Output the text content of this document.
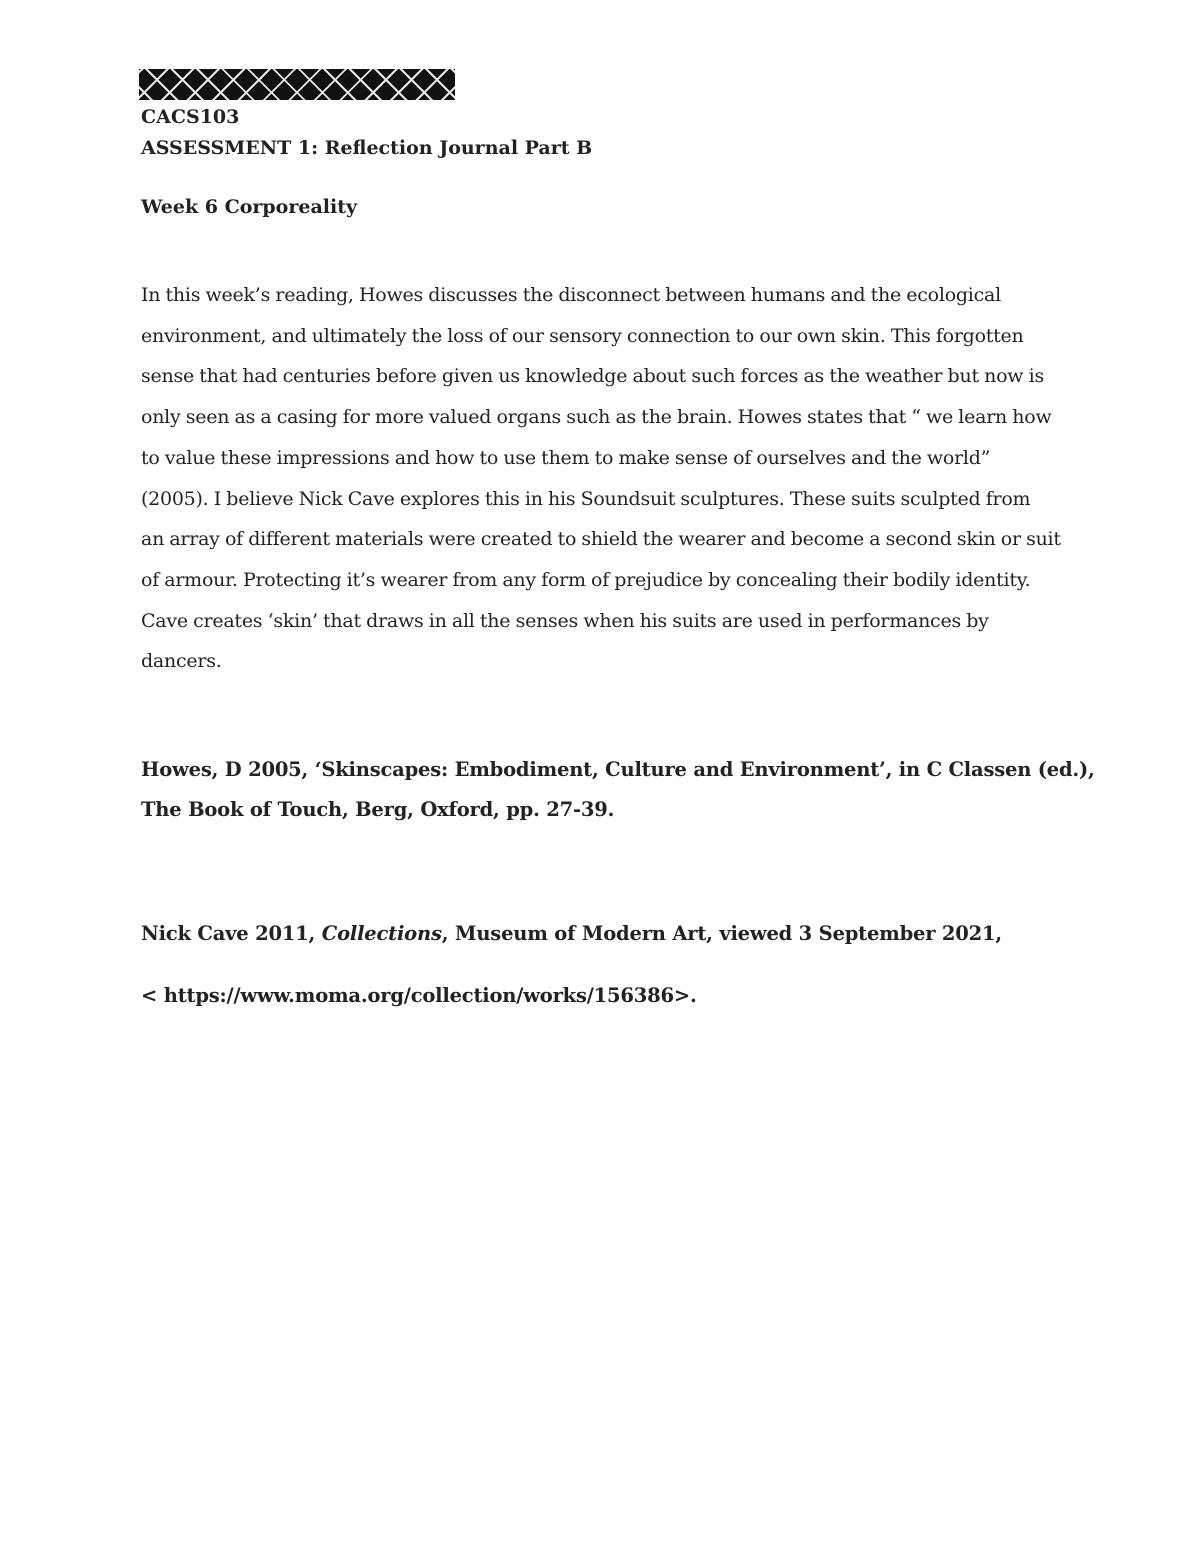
CACS103
ASSESSMENT 1: Reflection Journal Part B
Week 6 Corporeality
In this week’s reading, Howes discusses the disconnect between humans and the ecological
environment, and ultimately the loss of our sensory connection to our own skin. This forgotten
sense that had centuries before given us knowledge about such forces as the weather but now is
only seen as a casing for more valued organs such as the brain. Howes states that “ we learn how
to value these impressions and how to use them to make sense of ourselves and the world”
(2005). I believe Nick Cave explores this in his Soundsuit sculptures. These suits sculpted from
an array of different materials were created to shield the wearer and become a second skin or suit
of armour. Protecting it’s wearer from any form of prejudice by concealing their bodily identity.
Cave creates ‘skin’ that draws in all the senses when his suits are used in performances by
dancers.
Howes, D 2005, ‘Skinscapes: Embodiment, Culture and Environment’, in C Classen (ed.),
The Book of Touch, Berg, Oxford, pp. 27-39.
Nick Cave 2011, Collections, Museum of Modern Art, viewed 3 September 2021,
< https://www.moma.org/collection/works/156386>.
